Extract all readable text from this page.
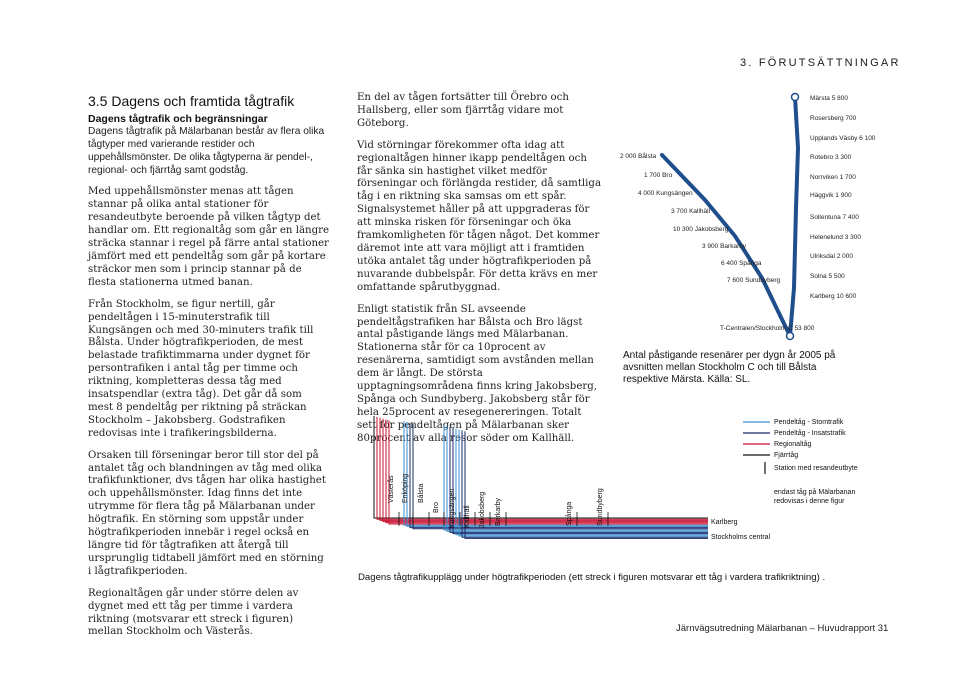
3. FÖRUTSÄTTNINGAR
3.5 Dagens och framtida tågtrafik
Dagens tågtrafik och begränsningar

Dagens tågtrafik på Mälarbanan består av flera olika tågtyper med varierande restider och uppehållsmönster. De olika tågtyperna är pendel-, regional- och fjärrtåg samt godståg.

Med uppehållsmönster menas att tågen stannar på olika antal stationer för resandeutbyte beroende på vilken tågtyp det handlar om. Ett regionaltåg som går en längre sträcka stannar i regel på färre antal stationer jämfört med ett pendeltåg som går på kortare sträckor men som i princip stannar på de flesta stationerna utmed banan.

Från Stockholm, se figur nertill, går pendeltågen i 15-minuterstrafik till Kungsängen och med 30-minuters trafik till Bålsta. Under högtrafikperioden, de mest belastade trafiktimmarna under dygnet för persontrafiken i antal tåg per timme och riktning, kompletteras dessa tåg med insatspendlar (extra tåg). Det går då som mest 8 pendeltåg per riktning på sträckan Stockholm – Jakobsberg. Godstrafiken redovisas inte i trafikeringsbilderna.

Orsaken till förseningar beror till stor del på antalet tåg och blandningen av tåg med olika trafikfunktioner, dvs tågen har olika hastighet och uppehållsmönster. Idag finns det inte utrymme för flera tåg på Mälarbanan under högtrafik. En störning som uppstår under högtrafikperioden innebär i regel också en längre tid för tågtrafiken att återgå till ursprunglig tidtabell jämfört med en störning i lågtrafikperioden.

Regionaltågen går under större delen av dygnet med ett tåg per timme i vardera riktning (motsvarar ett streck i figuren) mellan Stockholm och Västerås.

En del av tågen fortsätter till Örebro och Hallsberg, eller som fjärrtåg vidare mot Göteborg.

Vid störningar förekommer ofta idag att regionaltågen hinner ikapp pendeltågen och får sänka sin hastighet vilket medför förseningar och förlängda restider, då samtliga tåg i en riktning ska samsas om ett spår. Signalsystemet håller på att uppgraderas för att minska risken för förseningar och öka framkomligheten för tågen något. Det kommer däremot inte att vara möjligt att i framtiden utöka antalet tåg under högtrafikperioden på nuvarande dubbelspår. För detta krävs en mer omfattande spårutbyggnad.

Enligt statistik från SL avseende pendeltågstrafiken har Bålsta och Bro lägst antal påstigande längs med Mälarbanan. Stationerna står för ca 10procent av resenärerna, samtidigt som avstånden mellan dem är långt. De största upptagningsområdena finns kring Jakobsberg, Spånga och Sundbyberg. Jakobsberg står för hela 25procent av resegenereringen. Totalt sett för pendeltågen på Mälarbanan sker 80procent av alla resor söder om Kallhäll.

2 000 Bålsta
1 700 Bro
4 000 Kungsängen
3 700 Kallhäll
10 300 Jakobsberg
3 900 Barkarby
6 400 Spånga
7 600 Sundbyberg
Märsta 5 800
Rosersberg 700
Upplands Väsby 6 100
Rotebro 3 300
Norrviken 1 700
Häggvik 1 900
Sollentuna 7 400
Helenelund 3 300
Ulriksdal 2 000
Solna 5 500
Karlberg 10 600
T-Centralen/Stockholm C 53 800
Antal påstigande resenärer per dygn år 2005 på avsnitten mellan Stockholm C och till Bålsta respektive Märsta. Källa: SL.
Västerås Enköping Bålsta
Bro Kungsängen Kallhäll Jakobsberg Barkarby	Spånga	Sundbyberg	Karlberg
Stockholms central
Pendeltåg - Stomtrafik
Pendeltåg - Insatstrafik
Regionaltåg
Fjärrtåg
Station med resandeutbyte
endast tåg på Mälarbanan redovisas i denne figur
Dagens tågtrafikupplägg under högtrafikperioden (ett streck i figuren motsvarar ett tåg i vardera trafikriktning) .
Järnvägsutredning Mälarbanan – Huvudrapport 31
